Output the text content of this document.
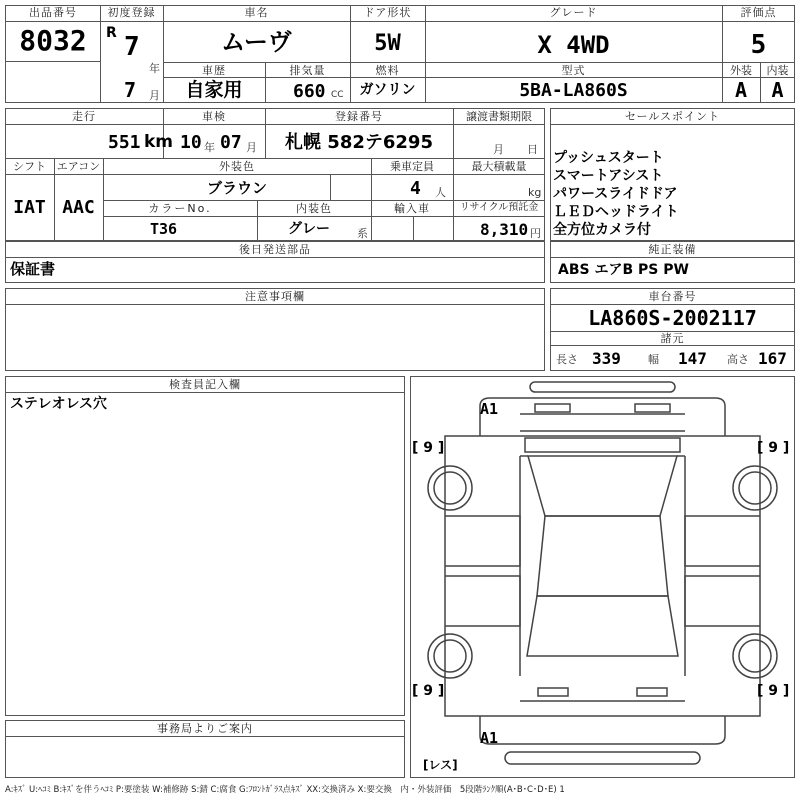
出品番号
8032
初度登録
R 7
年
7 月
車名
ムーヴ
ドア形状
5W
グレード
X 4WD
評価点
5
車歴
自家用
排気量
660 CC
燃料
ガソリン
型式
5BA-LA860S
外装
A
内装
A
走行
551 km
車検
10 年 07 月
登録番号
札幌 582テ6295
譲渡書類期限
月 日
シフト
IAT
エアコン
AAC
外装色
ブラウン
乗車定員
4 人
最大積載量
kg
カラーNo.
T36
内装色
グレー 系
輸入車	リサイクル預託金
8,310 円
セールスポイント
プッシュスタート
スマートアシスト
パワースライドドア
ＬＥＤヘッドライト
全方位カメラ付
後日発送部品
保証書
純正装備
ABS エアB PS PW
注意事項欄	車台番号
LA860S-2002117
諸元
長さ 339 幅 147 高さ 167
検査員記入欄
ステレオレス穴
事務局よりご案内
[ 9 ]	[ 9 ]
[ 9 ]	[ 9 ]
A1
A1
[レス]
A:ｷｽﾞ U:ﾍｺﾐ B:ｷｽﾞを伴うﾍｺﾐ P:要塗装 W:補修跡 S:錆 C:腐食 G:ﾌﾛﾝﾄｶﾞﾗｽ点ｷｽﾞ XX:交換済み X:要交換　内・外装評価　5段階ﾗﾝｸ順(A･B･C･D･E) 1
